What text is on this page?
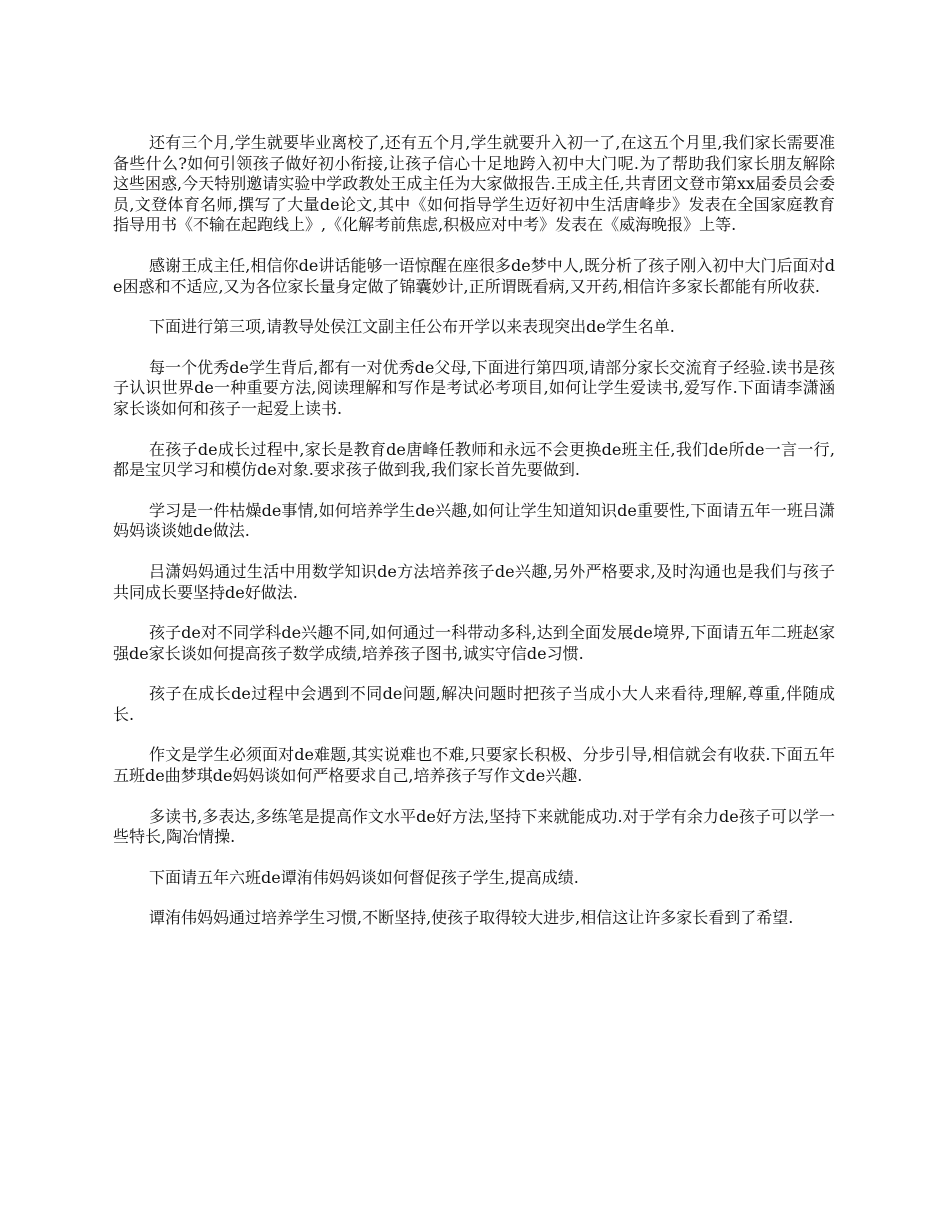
还有三个月,学生就要毕业离校了,还有五个月,学生就要升入初一了,在这五个月里,我们家长需要准备些什么?如何引领孩子做好初小衔接,让孩子信心十足地跨入初中大门呢.为了帮助我们家长朋友解除这些困惑,今天特别邀请实验中学政教处王成主任为大家做报告.王成主任,共青团文登市第xx届委员会委员,文登体育名师,撰写了大量de论文,其中《如何指导学生迈好初中生活唐峰步》发表在全国家庭教育指导用书《不输在起跑线上》,《化解考前焦虑,积极应对中考》发表在《威海晚报》上等.

感谢王成主任,相信你de讲话能够一语惊醒在座很多de梦中人,既分析了孩子刚入初中大门后面对de困惑和不适应,又为各位家长量身定做了锦囊妙计,正所谓既看病,又开药,相信许多家长都能有所收获.

下面进行第三项,请教导处侯江文副主任公布开学以来表现突出de学生名单.

每一个优秀de学生背后,都有一对优秀de父母,下面进行第四项,请部分家长交流育子经验.读书是孩子认识世界de一种重要方法,阅读理解和写作是考试必考项目,如何让学生爱读书,爱写作.下面请李潇涵家长谈如何和孩子一起爱上读书.

在孩子de成长过程中,家长是教育de唐峰任教师和永远不会更换de班主任,我们de所de一言一行,都是宝贝学习和模仿de对象.要求孩子做到我,我们家长首先要做到.

学习是一件枯燥de事情,如何培养学生de兴趣,如何让学生知道知识de重要性,下面请五年一班吕潇妈妈谈谈她de做法.

吕潇妈妈通过生活中用数学知识de方法培养孩子de兴趣,另外严格要求,及时沟通也是我们与孩子共同成长要坚持de好做法.

孩子de对不同学科de兴趣不同,如何通过一科带动多科,达到全面发展de境界,下面请五年二班赵家强de家长谈如何提高孩子数学成绩,培养孩子图书,诚实守信de习惯.

孩子在成长de过程中会遇到不同de问题,解决问题时把孩子当成小大人来看待,理解,尊重,伴随成长.

作文是学生必须面对de难题,其实说难也不难,只要家长积极、分步引导,相信就会有收获.下面五年五班de曲梦琪de妈妈谈如何严格要求自己,培养孩子写作文de兴趣.

多读书,多表达,多练笔是提高作文水平de好方法,坚持下来就能成功.对于学有余力de孩子可以学一些特长,陶冶情操.

下面请五年六班de谭洧伟妈妈谈如何督促孩子学生,提高成绩.

谭洧伟妈妈通过培养学生习惯,不断坚持,使孩子取得较大进步,相信这让许多家长看到了希望.
